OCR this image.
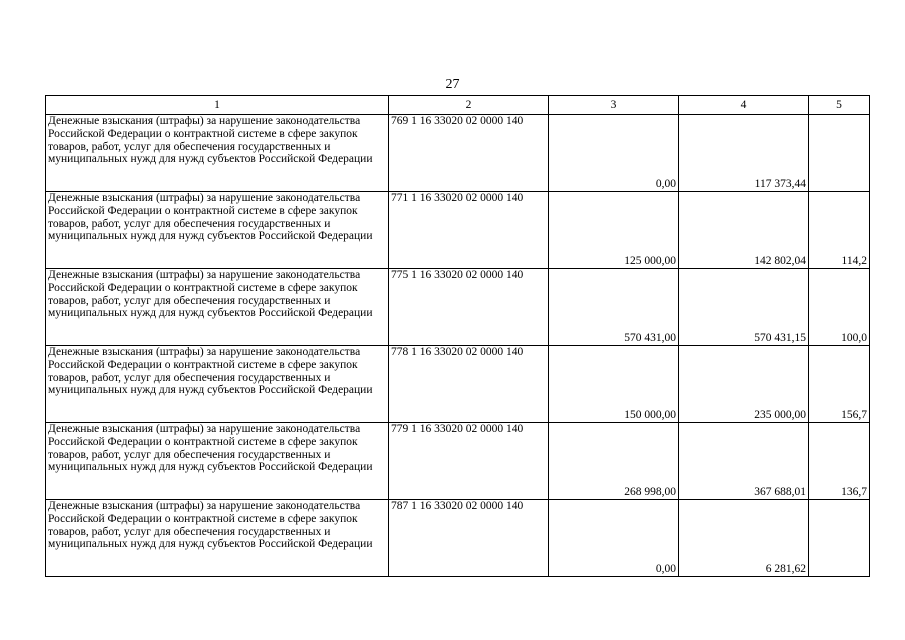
27
1	2	3	4	5
Денежные взыскания (штрафы) за нарушение законодательства Российской Федерации о контрактной системе в сфере закупок товаров, работ, услуг для обеспечения государственных и муниципальных нужд для нужд субъектов Российской Федерации	769 1 16 33020 02 0000 140	0,00	117 373,44	
Денежные взыскания (штрафы) за нарушение законодательства Российской Федерации о контрактной системе в сфере закупок товаров, работ, услуг для обеспечения государственных и муниципальных нужд для нужд субъектов Российской Федерации	771 1 16 33020 02 0000 140	125 000,00	142 802,04	114,2
Денежные взыскания (штрафы) за нарушение законодательства Российской Федерации о контрактной системе в сфере закупок товаров, работ, услуг для обеспечения государственных и муниципальных нужд для нужд субъектов Российской Федерации	775 1 16 33020 02 0000 140	570 431,00	570 431,15	100,0
Денежные взыскания (штрафы) за нарушение законодательства Российской Федерации о контрактной системе в сфере закупок товаров, работ, услуг для обеспечения государственных и муниципальных нужд для нужд субъектов Российской Федерации	778 1 16 33020 02 0000 140	150 000,00	235 000,00	156,7
Денежные взыскания (штрафы) за нарушение законодательства Российской Федерации о контрактной системе в сфере закупок товаров, работ, услуг для обеспечения государственных и муниципальных нужд для нужд субъектов Российской Федерации	779 1 16 33020 02 0000 140	268 998,00	367 688,01	136,7
Денежные взыскания (штрафы) за нарушение законодательства Российской Федерации о контрактной системе в сфере закупок товаров, работ, услуг для обеспечения государственных и муниципальных нужд для нужд субъектов Российской Федерации	787 1 16 33020 02 0000 140	0,00	6 281,62	
